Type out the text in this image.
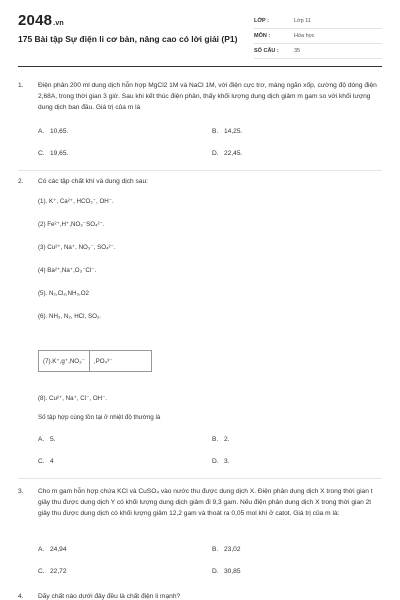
2048.vn
175 Bài tập Sự điện li cơ bản, nâng cao có lời giải (P1)
LỚP :	Lớp 11
MÔN :	Hóa học
SỐ CÂU :	35
1.	Điện phân 200 ml dung dịch hỗn hợp MgCl2 1M và NaCl 1M, với điện cực trơ, màng ngăn xốp, cường độ dòng điện 2,68A, trong thời gian 3 giờ. Sau khi kết thúc điện phân, thấy khối lượng dung dịch giảm m gam so với khối lượng dung dịch ban đầu. Giá trị của m là
A. 10,65.	B. 14,25.
C. 19,65.	D. 22,45.
2.	Có các tập chất khí và dung dịch sau:
(1). K⁺, Ca²⁺, HCO₃⁻, OH⁻.
(2) Fe²⁺,H⁺,NO₃⁻SO₄²⁻.
(3) Cu²⁺, Na⁺, NO₃⁻, SO₄²⁻.
(4) Ba²⁺,Na⁺,O₃⁻Cl⁻.
(5). N₂,Cl₂,NH₃,O2
(6). NH₃, N₂, HCl, SO₂.
(7).K⁺,g⁺,NO₃⁻	,PO₄³⁻
(8). Cu²⁺, Na⁺, Cl⁻, OH⁻.
Số tập hợp cùng tồn tại ở nhiệt độ thường là
A. 5.	B. 2.
C. 4	D. 3.
3.	Cho m gam hỗn hợp chứa KCl và CuSO₄ vào nước thu được dung dịch X. Điện phân dung dịch X trong thời gian t giây thu được dung dịch Y có khối lượng dung dịch giảm đi 9,3 gam. Nếu điện phân dung dịch X trong thời gian 2t giây thu được dung dịch có khối lượng giảm 12,2 gam và thoát ra 0,05 mol khí ở catot. Giá trị của m là:
A. 24,94	B. 23,02
C. 22,72	D. 30,85
4.	Dãy chất nào dưới đây đều là chất điện li mạnh?
